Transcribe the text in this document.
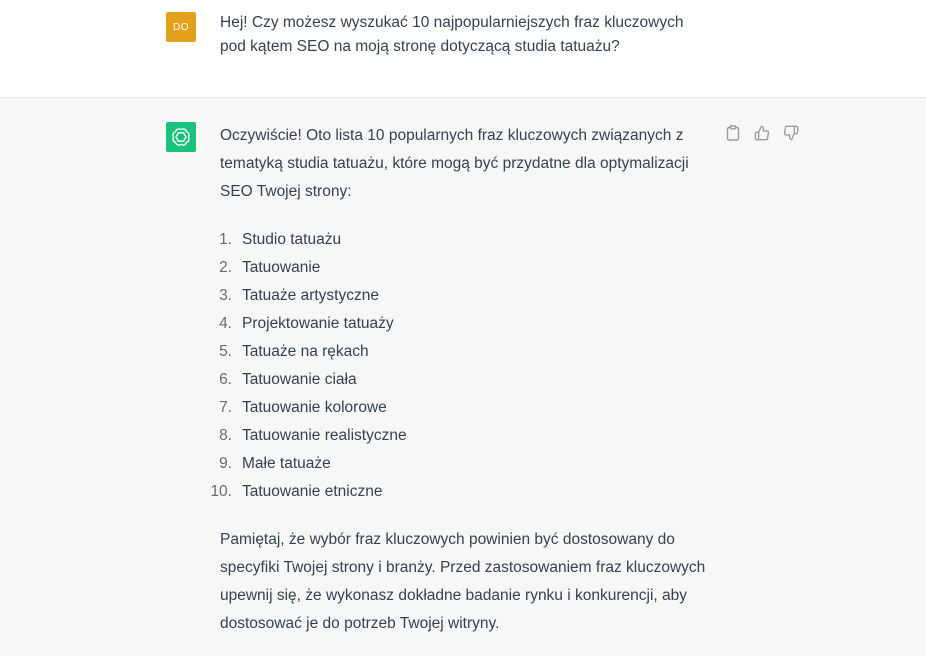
DO	Hej! Czy możesz wyszukać 10 najpopularniejszych fraz kluczowych
pod kątem SEO na moją stronę dotyczącą studia tatuażu?

Oczywiście! Oto lista 10 popularnych fraz kluczowych związanych z tematyką studia tatuażu, które mogą być przydatne dla optymalizacji SEO Twojej strony:

1. Studio tatuażu
2. Tatuowanie
3. Tatuaże artystyczne
4. Projektowanie tatuaży
5. Tatuaże na rękach
6. Tatuowanie ciała
7. Tatuowanie kolorowe
8. Tatuowanie realistyczne
9. Małe tatuaże
10. Tatuowanie etniczne

Pamiętaj, że wybór fraz kluczowych powinien być dostosowany do specyfiki Twojej strony i branży. Przed zastosowaniem fraz kluczowych upewnij się, że wykonasz dokładne badanie rynku i konkurencji, aby dostosować je do potrzeb Twojej witryny.
